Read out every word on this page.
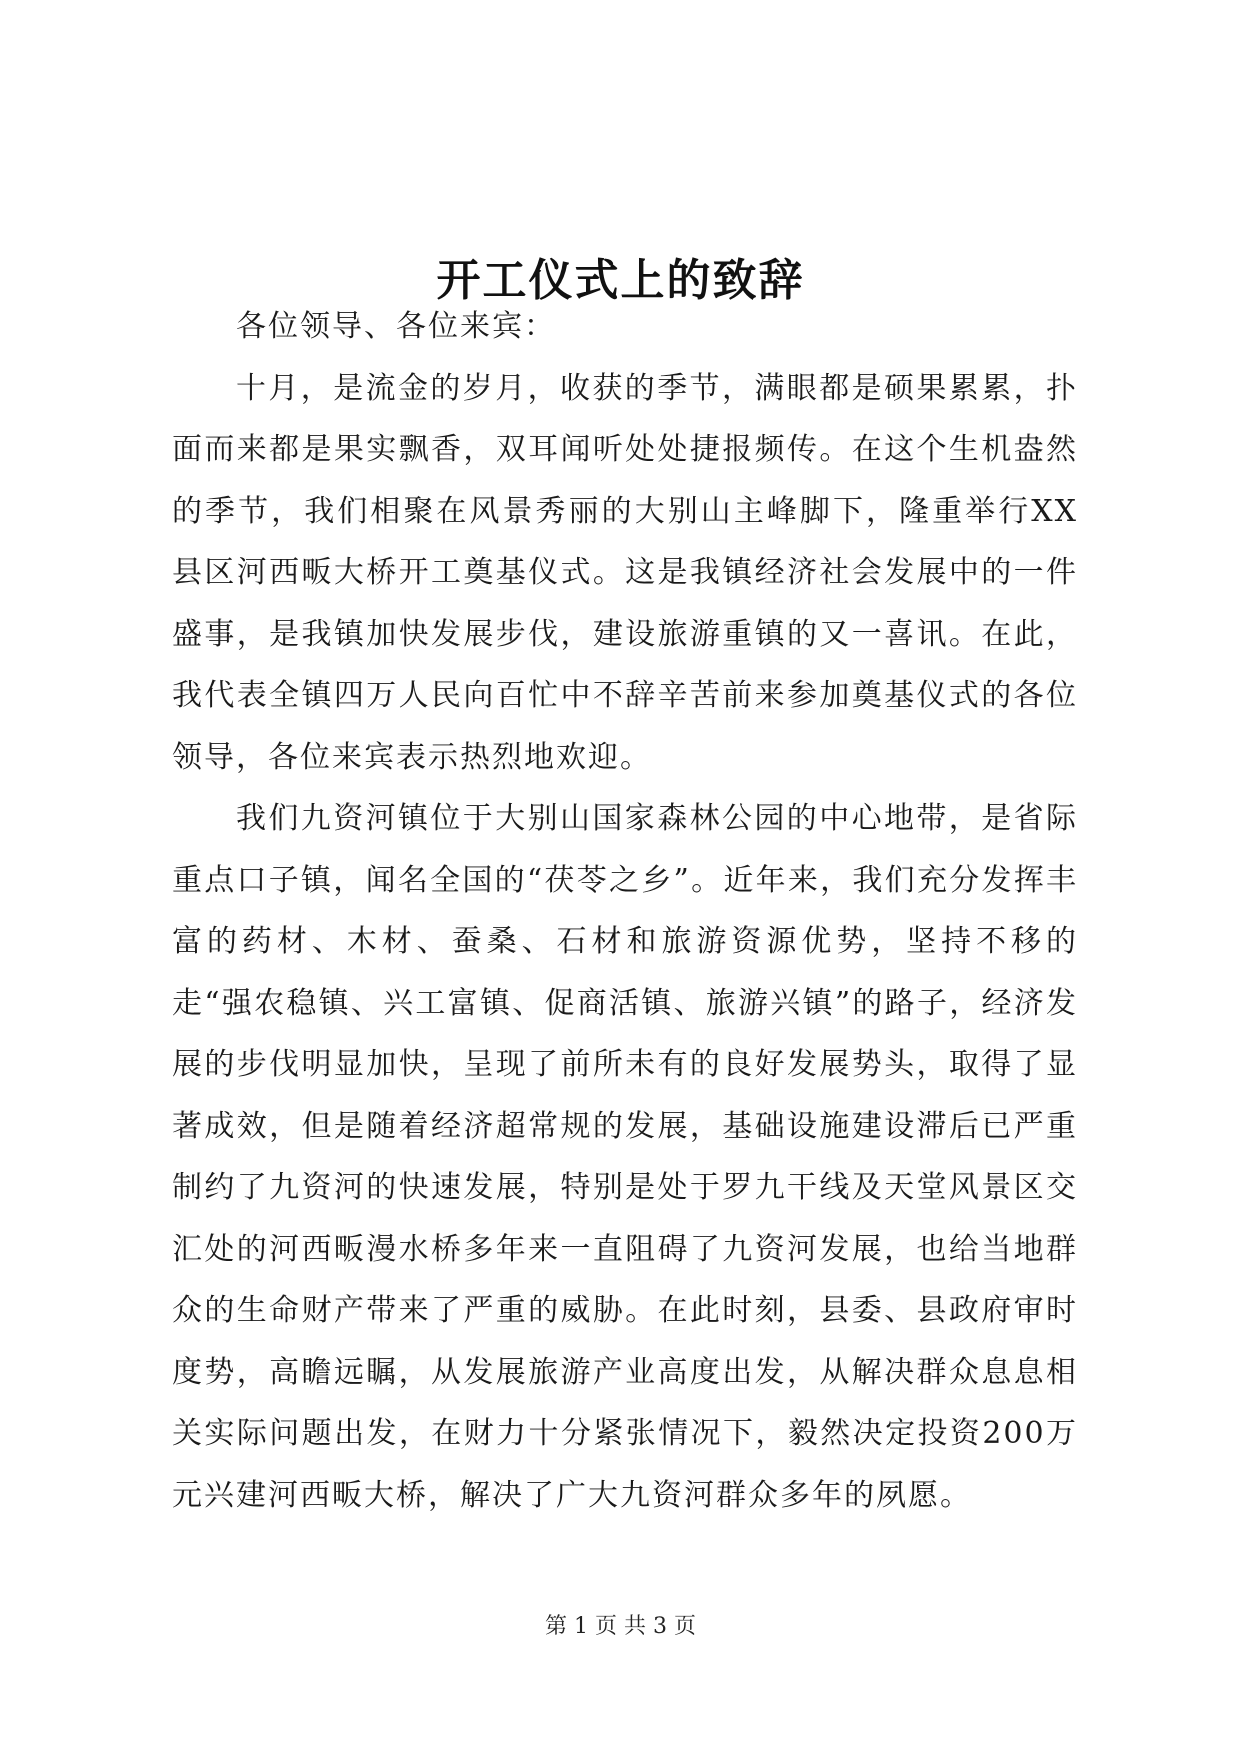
开工仪式上的致辞

各位领导、各位来宾：

十月，是流金的岁月，收获的季节，满眼都是硕果累累，扑面而来都是果实飘香，双耳闻听处处捷报频传。在这个生机盎然的季节，我们相聚在风景秀丽的大别山主峰脚下，隆重举行XX县区河西畈大桥开工奠基仪式。这是我镇经济社会发展中的一件盛事，是我镇加快发展步伐，建设旅游重镇的又一喜讯。在此，我代表全镇四万人民向百忙中不辞辛苦前来参加奠基仪式的各位领导，各位来宾表示热烈地欢迎。

我们九资河镇位于大别山国家森林公园的中心地带，是省际重点口子镇，闻名全国的“茯苓之乡”。近年来，我们充分发挥丰富的药材、木材、蚕桑、石材和旅游资源优势，坚持不移的走“强农稳镇、兴工富镇、促商活镇、旅游兴镇”的路子，经济发展的步伐明显加快，呈现了前所未有的良好发展势头，取得了显著成效，但是随着经济超常规的发展，基础设施建设滞后已严重制约了九资河的快速发展，特别是处于罗九干线及天堂风景区交汇处的河西畈漫水桥多年来一直阻碍了九资河发展，也给当地群众的生命财产带来了严重的威胁。在此时刻，县委、县政府审时度势，高瞻远瞩，从发展旅游产业高度出发，从解决群众息息相关实际问题出发，在财力十分紧张情况下，毅然决定投资200万元兴建河西畈大桥，解决了广大九资河群众多年的夙愿。

第 1 页 共 3 页
